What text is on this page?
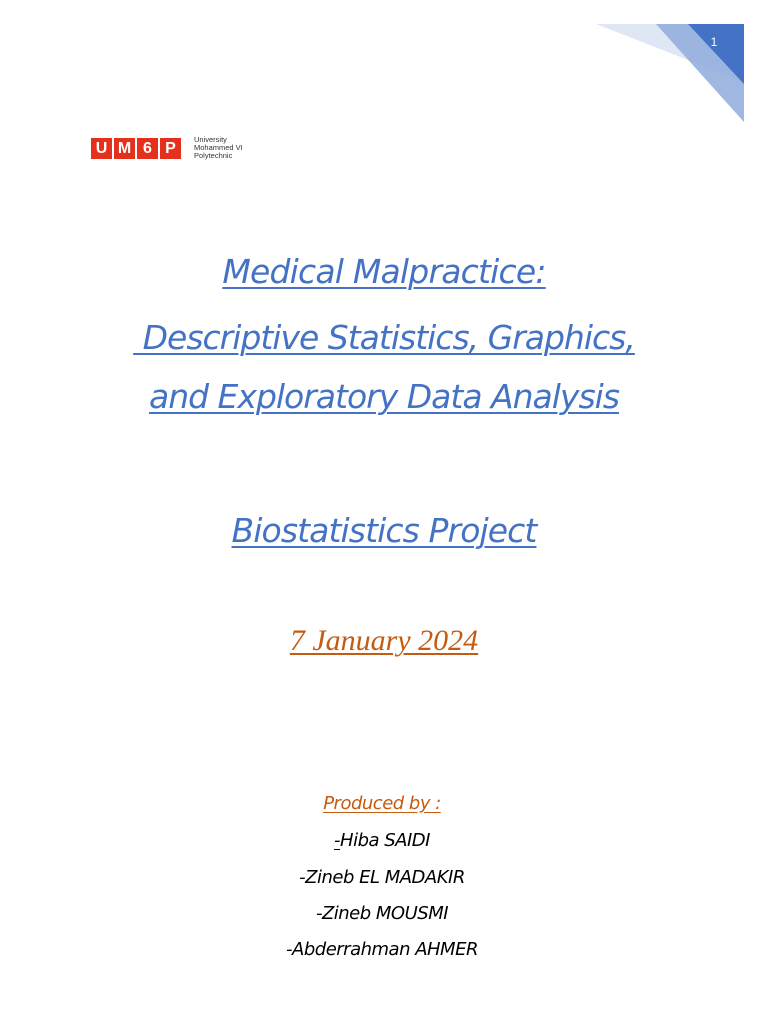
1
U M 6 P	University
Mohammed VI
Polytechnic
Medical Malpractice:
Descriptive Statistics, Graphics,
and Exploratory Data Analysis
Biostatistics Project
7 January 2024
Produced by :
-Hiba SAIDI
-Zineb EL MADAKIR
-Zineb MOUSMI
-Abderrahman AHMER
